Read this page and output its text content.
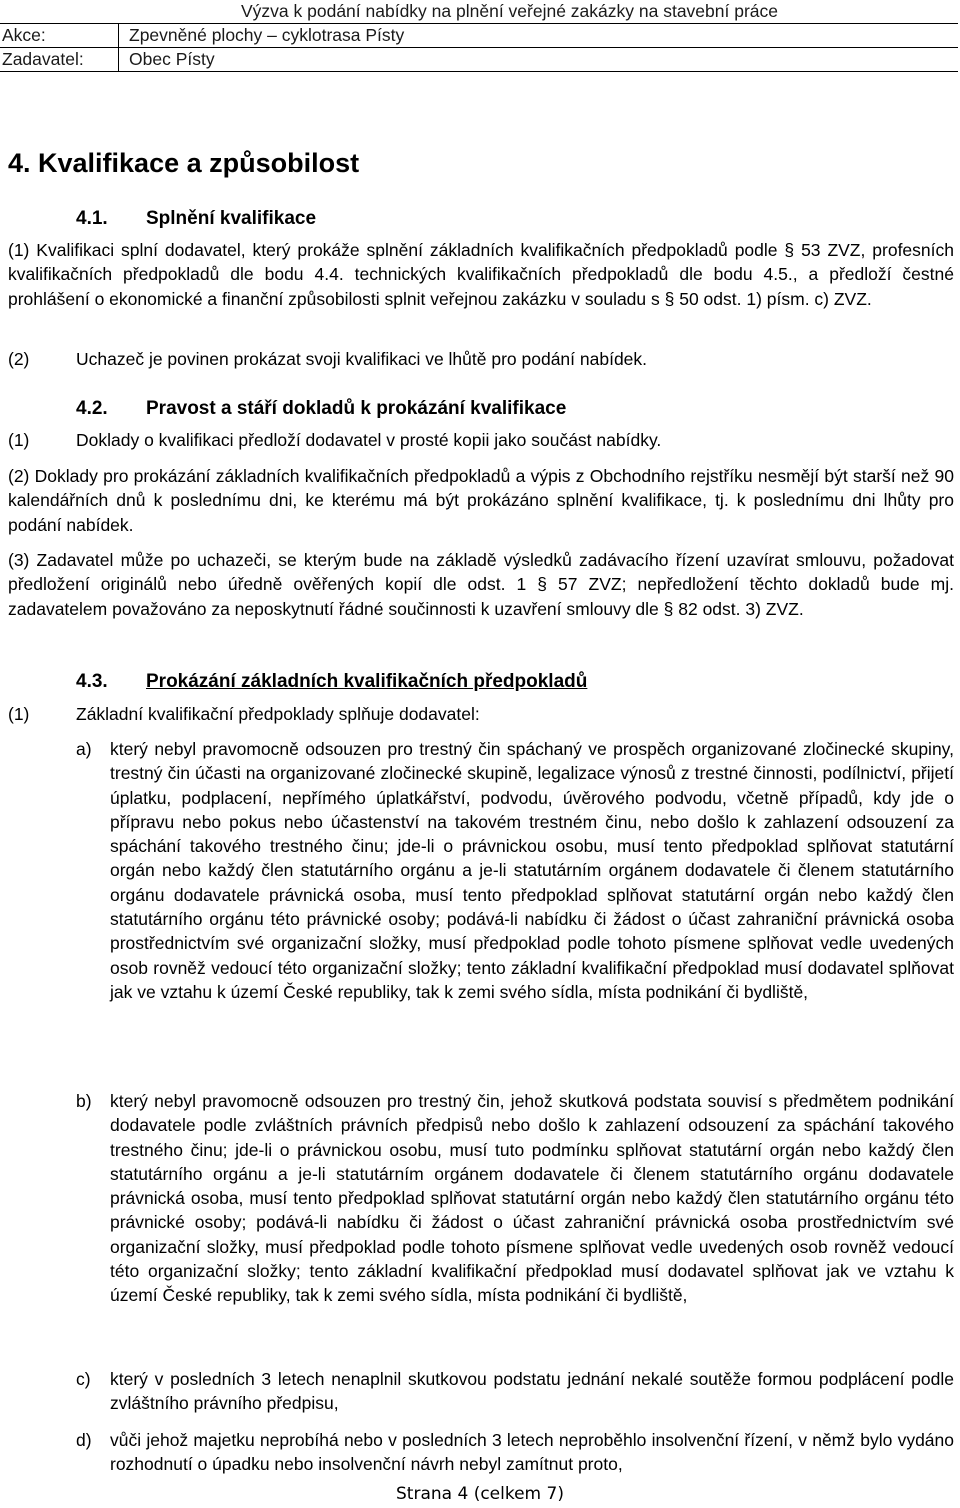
Výzva k podání nabídky na plnění veřejné zakázky na stavební práce	
Akce:	Zpevněné plochy – cyklotrasa Písty
Zadavatel:	Obec Písty
4. Kvalifikace a způsobilost
4.1. Splnění kvalifikace
(1) Kvalifikaci splní dodavatel, který prokáže splnění základních kvalifikačních předpokladů podle § 53 ZVZ, profesních kvalifikačních předpokladů dle bodu 4.4. technických kvalifikačních předpokladů dle bodu 4.5., a předloží čestné prohlášení o ekonomické a finanční způsobilosti splnit veřejnou zakázku v souladu s § 50 odst. 1) písm. c) ZVZ.
(2)	Uchazeč je povinen prokázat svoji kvalifikaci ve lhůtě pro podání nabídek.
4.2. Pravost a stáří dokladů k prokázání kvalifikace
(1)	Doklady o kvalifikaci předloží dodavatel v prosté kopii jako součást nabídky.
(2) Doklady pro prokázání základních kvalifikačních předpokladů a výpis z Obchodního rejstříku nesmějí být starší než 90 kalendářních dnů k poslednímu dni, ke kterému má být prokázáno splnění kvalifikace, tj. k poslednímu dni lhůty pro podání nabídek.
(3) Zadavatel může po uchazeči, se kterým bude na základě výsledků zadávacího řízení uzavírat smlouvu, požadovat předložení originálů nebo úředně ověřených kopií dle odst. 1 § 57 ZVZ; nepředložení těchto dokladů bude mj. zadavatelem považováno za neposkytnutí řádné součinnosti k uzavření smlouvy dle § 82 odst. 3) ZVZ.
4.3. Prokázání základních kvalifikačních předpokladů
(1)	Základní kvalifikační předpoklady splňuje dodavatel:
a) který nebyl pravomocně odsouzen pro trestný čin spáchaný ve prospěch organizované zločinecké skupiny, trestný čin účasti na organizované zločinecké skupině, legalizace výnosů z trestné činnosti, podílnictví, přijetí úplatku, podplacení, nepřímého úplatkářství, podvodu, úvěrového podvodu, včetně případů, kdy jde o přípravu nebo pokus nebo účastenství na takovém trestném činu, nebo došlo k zahlazení odsouzení za spáchání takového trestného činu; jde-li o právnickou osobu, musí tento předpoklad splňovat statutární orgán nebo každý člen statutárního orgánu a je-li statutárním orgánem dodavatele či členem statutárního orgánu dodavatele právnická osoba, musí tento předpoklad splňovat statutární orgán nebo každý člen statutárního orgánu této právnické osoby; podává-li nabídku či žádost o účast zahraniční právnická osoba prostřednictvím své organizační složky, musí předpoklad podle tohoto písmene splňovat vedle uvedených osob rovněž vedoucí této organizační složky; tento základní kvalifikační předpoklad musí dodavatel splňovat jak ve vztahu k území České republiky, tak k zemi svého sídla, místa podnikání či bydliště,
b) který nebyl pravomocně odsouzen pro trestný čin, jehož skutková podstata souvisí s předmětem podnikání dodavatele podle zvláštních právních předpisů nebo došlo k zahlazení odsouzení za spáchání takového trestného činu; jde-li o právnickou osobu, musí tuto podmínku splňovat statutární orgán nebo každý člen statutárního orgánu a je-li statutárním orgánem dodavatele či členem statutárního orgánu dodavatele právnická osoba, musí tento předpoklad splňovat statutární orgán nebo každý člen statutárního orgánu této právnické osoby; podává-li nabídku či žádost o účast zahraniční právnická osoba prostřednictvím své organizační složky, musí předpoklad podle tohoto písmene splňovat vedle uvedených osob rovněž vedoucí této organizační složky; tento základní kvalifikační předpoklad musí dodavatel splňovat jak ve vztahu k území České republiky, tak k zemi svého sídla, místa podnikání či bydliště,
c) který v posledních 3 letech nenaplnil skutkovou podstatu jednání nekalé soutěže formou podplácení podle zvláštního právního předpisu,
d) vůči jehož majetku neprobíhá nebo v posledních 3 letech neproběhlo insolvenční řízení, v němž bylo vydáno rozhodnutí o úpadku nebo insolvenční návrh nebyl zamítnut proto,
Strana 4 (celkem 7)
